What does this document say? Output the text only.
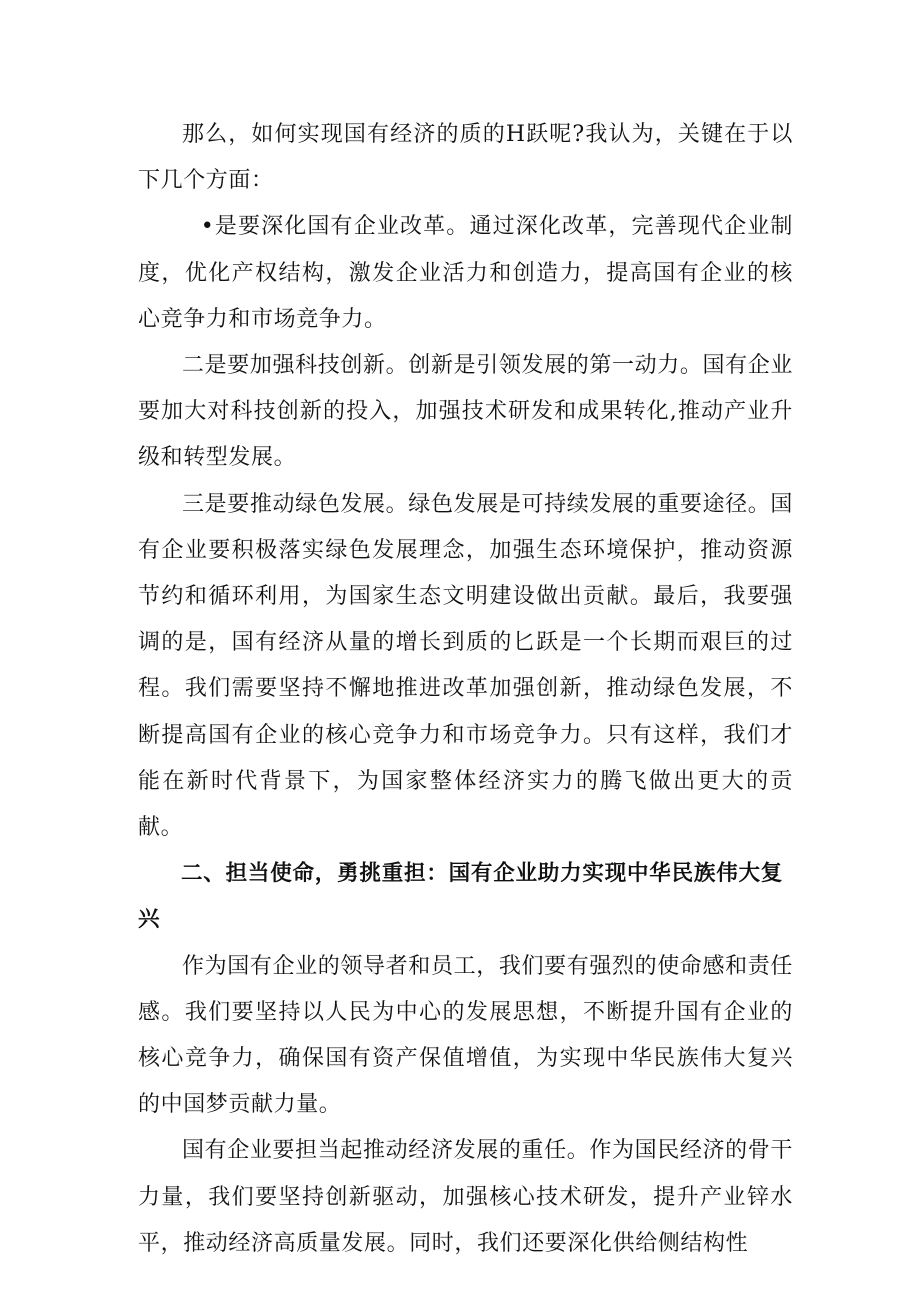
那么，如何实现国有经济的质的H跃呢?我认为，关键在于以下几个方面：

•是要深化国有企业改革。通过深化改革，完善现代企业制度，优化产权结构，激发企业活力和创造力，提高国有企业的核心竞争力和市场竞争力。

二是要加强科技创新。创新是引领发展的第一动力。国有企业要加大对科技创新的投入，加强技术研发和成果转化,推动产业升级和转型发展。

三是要推动绿色发展。绿色发展是可持续发展的重要途径。国有企业要积极落实绿色发展理念，加强生态环境保护，推动资源节约和循环利用，为国家生态文明建设做出贡献。最后，我要强调的是，国有经济从量的增长到质的匕跃是一个长期而艰巨的过程。我们需要坚持不懈地推进改革加强创新，推动绿色发展，不断提高国有企业的核心竞争力和市场竞争力。只有这样，我们才能在新时代背景下，为国家整体经济实力的腾飞做出更大的贡献。

二、担当使命，勇挑重担：国有企业助力实现中华民族伟大复兴

作为国有企业的领导者和员工，我们要有强烈的使命感和责任感。我们要坚持以人民为中心的发展思想，不断提升国有企业的核心竞争力，确保国有资产保值增值，为实现中华民族伟大复兴的中国梦贡献力量。

国有企业要担当起推动经济发展的重任。作为国民经济的骨干力量，我们要坚持创新驱动，加强核心技术研发，提升产业锌水平，推动经济高质量发展。同时，我们还要深化供给侧结构性
